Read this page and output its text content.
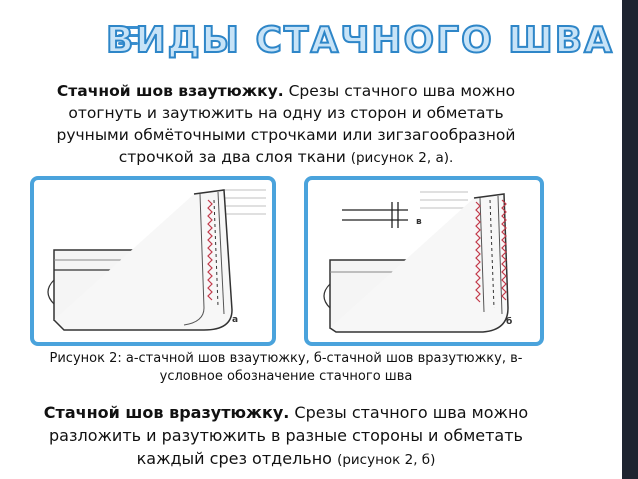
ВИДЫ СТАЧНОГО ШВА
Стачной шов взаутюжку. Срезы стачного шва можно отогнуть и заутюжить на одну из сторон и обметать ручными обмёточными строчками или зигзагообразной строчкой за два слоя ткани (рисунок 2, а).
а
в
б
Рисунок 2: а-стачной шов взаутюжку, б-стачной шов вразутюжку, в- условное обозначение стачного шва
Стачной шов вразутюжку. Срезы стачного шва можно разложить и разутюжить в разные стороны и обметать каждый срез отдельно (рисунок 2, б)
